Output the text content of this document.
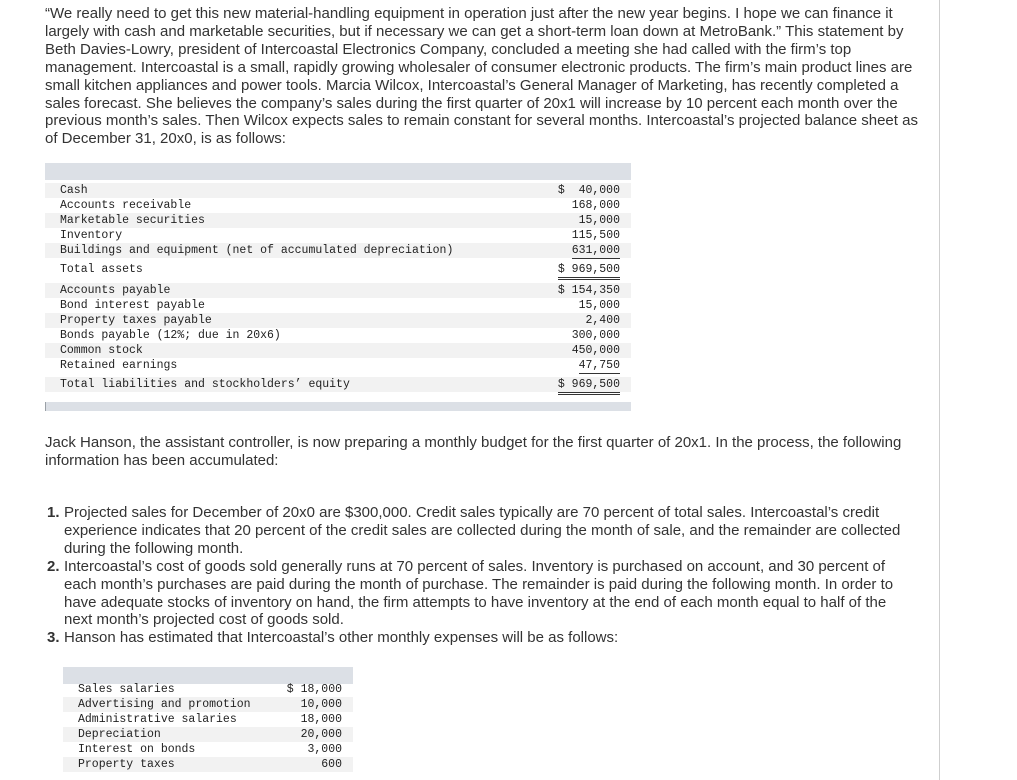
“We really need to get this new material-handling equipment in operation just after the new year begins. I hope we can finance it largely with cash and marketable securities, but if necessary we can get a short-term loan down at MetroBank.” This statement by Beth Davies-Lowry, president of Intercoastal Electronics Company, concluded a meeting she had called with the firm’s top management. Intercoastal is a small, rapidly growing wholesaler of consumer electronic products. The firm’s main product lines are small kitchen appliances and power tools. Marcia Wilcox, Intercoastal’s General Manager of Marketing, has recently completed a sales forecast. She believes the company’s sales during the first quarter of 20x1 will increase by 10 percent each month over the previous month’s sales. Then Wilcox expects sales to remain constant for several months. Intercoastal’s projected balance sheet as of December 31, 20x0, is as follows:

Cash	$  40,000
Accounts receivable	168,000
Marketable securities	15,000
Inventory	115,500
Buildings and equipment (net of accumulated depreciation)	631,000
Total assets	$ 969,500
Accounts payable	$ 154,350
Bond interest payable	15,000
Property taxes payable	2,400
Bonds payable (12%; due in 20x6)	300,000
Common stock	450,000
Retained earnings	47,750
Total liabilities and stockholders’ equity	$ 969,500

Jack Hanson, the assistant controller, is now preparing a monthly budget for the first quarter of 20x1. In the process, the following information has been accumulated:

1. Projected sales for December of 20x0 are $300,000. Credit sales typically are 70 percent of total sales. Intercoastal’s credit experience indicates that 20 percent of the credit sales are collected during the month of sale, and the remainder are collected during the following month.
2. Intercoastal’s cost of goods sold generally runs at 70 percent of sales. Inventory is purchased on account, and 30 percent of each month’s purchases are paid during the month of purchase. The remainder is paid during the following month. In order to have adequate stocks of inventory on hand, the firm attempts to have inventory at the end of each month equal to half of the next month’s projected cost of goods sold.
3. Hanson has estimated that Intercoastal’s other monthly expenses will be as follows:
Sales salaries	$ 18,000
Advertising and promotion	10,000
Administrative salaries	18,000
Depreciation	20,000
Interest on bonds	3,000
Property taxes	600
